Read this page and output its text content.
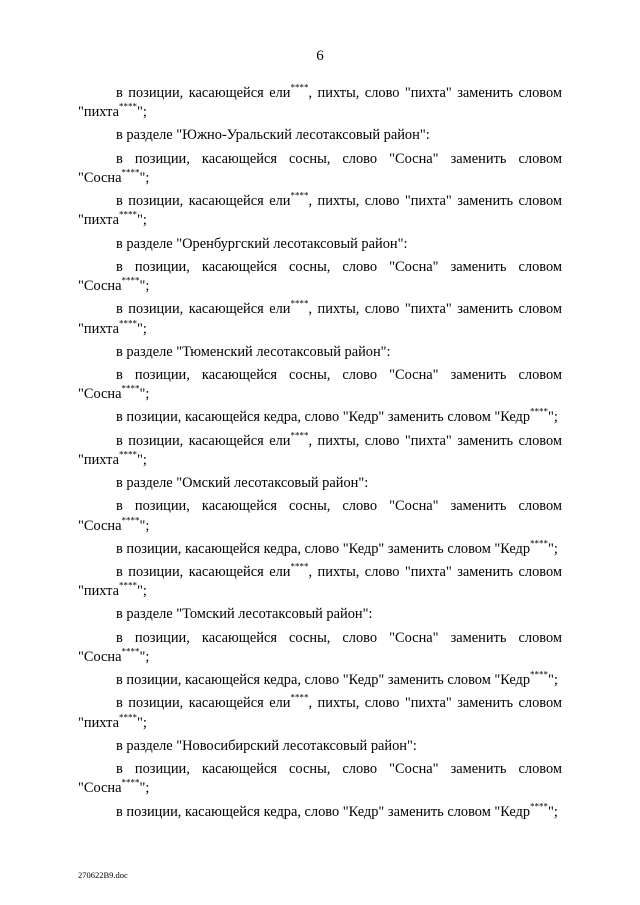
6

в позиции, касающейся ели****, пихты, слово "пихта" заменить словом "пихта****";

в разделе "Южно-Уральский лесотаксовый район":

в позиции, касающейся сосны, слово "Сосна" заменить словом "Сосна****";

в позиции, касающейся ели****, пихты, слово "пихта" заменить словом "пихта****";

в разделе "Оренбургский лесотаксовый район":

в позиции, касающейся сосны, слово "Сосна" заменить словом "Сосна****";

в позиции, касающейся ели****, пихты, слово "пихта" заменить словом "пихта****";

в разделе "Тюменский лесотаксовый район":

в позиции, касающейся сосны, слово "Сосна" заменить словом "Сосна****";

в позиции, касающейся кедра, слово "Кедр" заменить словом "Кедр****";

в позиции, касающейся ели****, пихты, слово "пихта" заменить словом "пихта****";

в разделе "Омский лесотаксовый район":

в позиции, касающейся сосны, слово "Сосна" заменить словом "Сосна****";

в позиции, касающейся кедра, слово "Кедр" заменить словом "Кедр****";

в позиции, касающейся ели****, пихты, слово "пихта" заменить словом "пихта****";

в разделе "Томский лесотаксовый район":

в позиции, касающейся сосны, слово "Сосна" заменить словом "Сосна****";

в позиции, касающейся кедра, слово "Кедр" заменить словом "Кедр****";

в позиции, касающейся ели****, пихты, слово "пихта" заменить словом "пихта****";

в разделе "Новосибирский лесотаксовый район":

в позиции, касающейся сосны, слово "Сосна" заменить словом "Сосна****";

в позиции, касающейся кедра, слово "Кедр" заменить словом "Кедр****";

270622B9.doc
